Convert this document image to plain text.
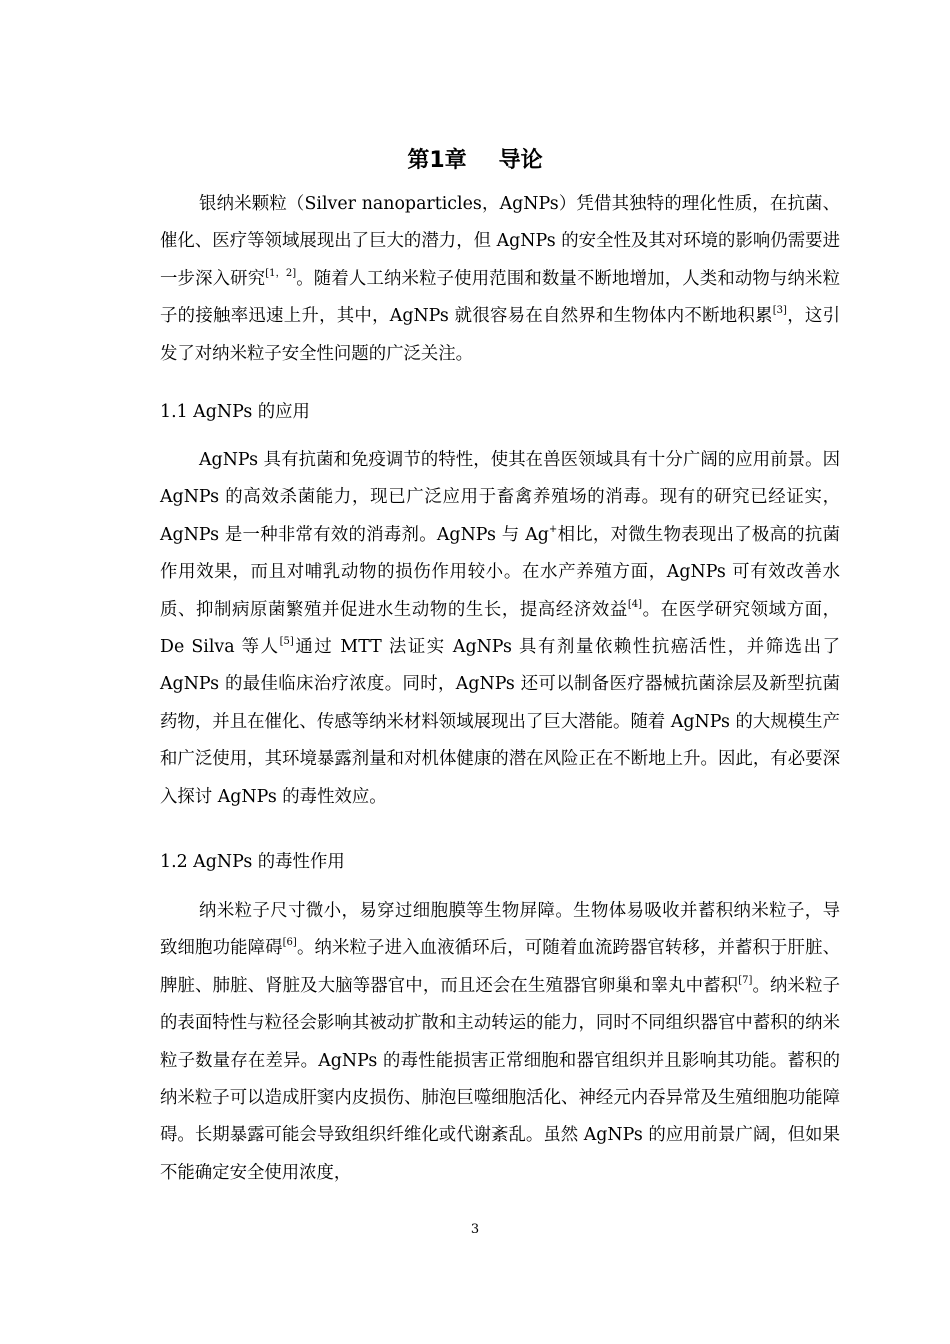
第1章 导论

银纳米颗粒（Silver nanoparticles，AgNPs）凭借其独特的理化性质，在抗菌、催化、医疗等领域展现出了巨大的潜力，但 AgNPs 的安全性及其对环境的影响仍需要进一步深入研究[1，2]。随着人工纳米粒子使用范围和数量不断地增加，人类和动物与纳米粒子的接触率迅速上升，其中，AgNPs 就很容易在自然界和生物体内不断地积累[3]，这引发了对纳米粒子安全性问题的广泛关注。

1.1 AgNPs 的应用

AgNPs 具有抗菌和免疫调节的特性，使其在兽医领域具有十分广阔的应用前景。因 AgNPs 的高效杀菌能力，现已广泛应用于畜禽养殖场的消毒。现有的研究已经证实，AgNPs 是一种非常有效的消毒剂。AgNPs 与 Ag+相比，对微生物表现出了极高的抗菌作用效果，而且对哺乳动物的损伤作用较小。在水产养殖方面，AgNPs 可有效改善水质、抑制病原菌繁殖并促进水生动物的生长，提高经济效益[4]。在医学研究领域方面，De Silva 等人[5]通过 MTT 法证实 AgNPs 具有剂量依赖性抗癌活性，并筛选出了 AgNPs 的最佳临床治疗浓度。同时，AgNPs 还可以制备医疗器械抗菌涂层及新型抗菌药物，并且在催化、传感等纳米材料领域展现出了巨大潜能。随着 AgNPs 的大规模生产和广泛使用，其环境暴露剂量和对机体健康的潜在风险正在不断地上升。因此，有必要深入探讨 AgNPs 的毒性效应。

1.2 AgNPs 的毒性作用

纳米粒子尺寸微小，易穿过细胞膜等生物屏障。生物体易吸收并蓄积纳米粒子，导致细胞功能障碍[6]。纳米粒子进入血液循环后，可随着血流跨器官转移，并蓄积于肝脏、脾脏、肺脏、肾脏及大脑等器官中，而且还会在生殖器官卵巢和睾丸中蓄积[7]。纳米粒子的表面特性与粒径会影响其被动扩散和主动转运的能力，同时不同组织器官中蓄积的纳米粒子数量存在差异。AgNPs 的毒性能损害正常细胞和器官组织并且影响其功能。蓄积的纳米粒子可以造成肝窦内皮损伤、肺泡巨噬细胞活化、神经元内吞异常及生殖细胞功能障碍。长期暴露可能会导致组织纤维化或代谢紊乱。虽然 AgNPs 的应用前景广阔，但如果不能确定安全使用浓度，

3
